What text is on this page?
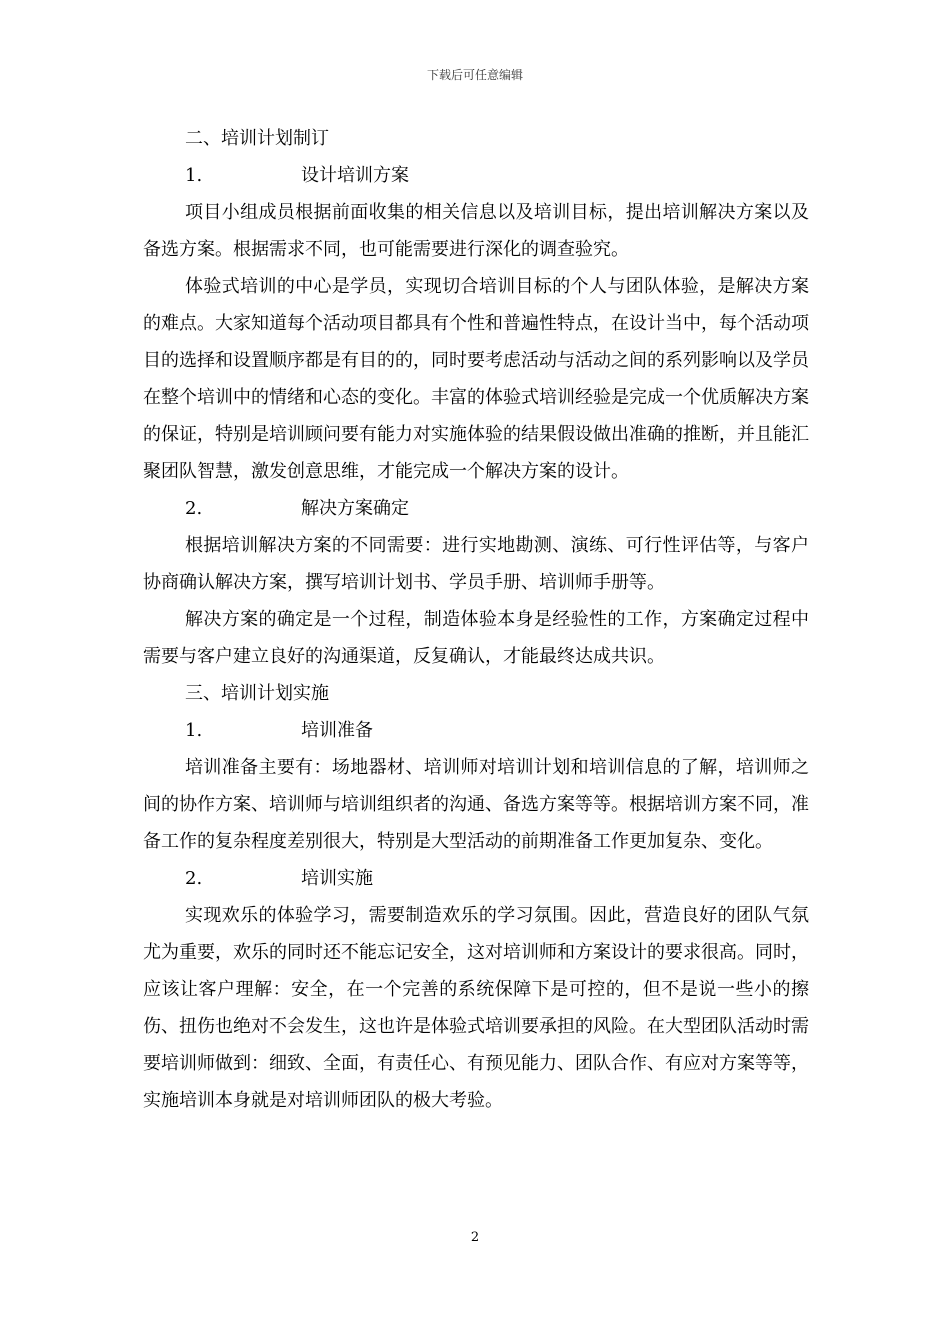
下载后可任意编辑

二、培训计划制订

1.	设计培训方案

项目小组成员根据前面收集的相关信息以及培训目标，提出培训解决方案以及备选方案。根据需求不同，也可能需要进行深化的调查验究。

体验式培训的中心是学员，实现切合培训目标的个人与团队体验，是解决方案的难点。大家知道每个活动项目都具有个性和普遍性特点，在设计当中，每个活动项目的选择和设置顺序都是有目的的，同时要考虑活动与活动之间的系列影响以及学员在整个培训中的情绪和心态的变化。丰富的体验式培训经验是完成一个优质解决方案的保证，特别是培训顾问要有能力对实施体验的结果假设做出准确的推断，并且能汇聚团队智慧，激发创意思维，才能完成一个解决方案的设计。

2.	解决方案确定

根据培训解决方案的不同需要：进行实地勘测、演练、可行性评估等，与客户协商确认解决方案，撰写培训计划书、学员手册、培训师手册等。

解决方案的确定是一个过程，制造体验本身是经验性的工作，方案确定过程中需要与客户建立良好的沟通渠道，反复确认，才能最终达成共识。

三、培训计划实施

1.	培训准备

培训准备主要有：场地器材、培训师对培训计划和培训信息的了解，培训师之间的协作方案、培训师与培训组织者的沟通、备选方案等等。根据培训方案不同，准备工作的复杂程度差别很大，特别是大型活动的前期准备工作更加复杂、变化。

2.	培训实施

实现欢乐的体验学习，需要制造欢乐的学习氛围。因此，营造良好的团队气氛尤为重要，欢乐的同时还不能忘记安全，这对培训师和方案设计的要求很高。同时，应该让客户理解：安全，在一个完善的系统保障下是可控的，但不是说一些小的擦伤、扭伤也绝对不会发生，这也许是体验式培训要承担的风险。在大型团队活动时需要培训师做到：细致、全面，有责任心、有预见能力、团队合作、有应对方案等等，实施培训本身就是对培训师团队的极大考验。

2
